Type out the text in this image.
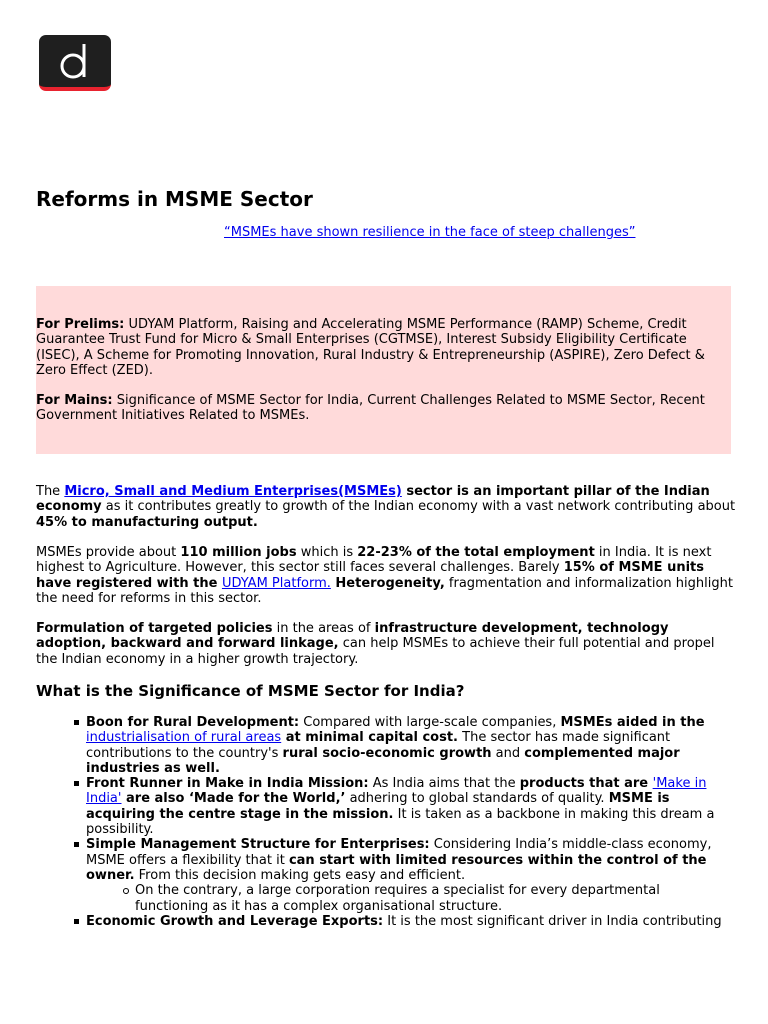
Reforms in MSME Sector
“MSMEs have shown resilience in the face of steep challenges”

For Prelims: UDYAM Platform, Raising and Accelerating MSME Performance (RAMP) Scheme, Credit Guarantee Trust Fund for Micro & Small Enterprises (CGTMSE), Interest Subsidy Eligibility Certificate (ISEC), A Scheme for Promoting Innovation, Rural Industry & Entrepreneurship (ASPIRE), Zero Defect & Zero Effect (ZED).

For Mains: Significance of MSME Sector for India, Current Challenges Related to MSME Sector, Recent Government Initiatives Related to MSMEs.

The Micro, Small and Medium Enterprises(MSMEs) sector is an important pillar of the Indian economy as it contributes greatly to growth of the Indian economy with a vast network contributing about 45% to manufacturing output.

MSMEs provide about 110 million jobs which is 22-23% of the total employment in India. It is next highest to Agriculture. However, this sector still faces several challenges. Barely 15% of MSME units have registered with the UDYAM Platform. Heterogeneity, fragmentation and informalization highlight the need for reforms in this sector.

Formulation of targeted policies in the areas of infrastructure development, technology adoption, backward and forward linkage, can help MSMEs to achieve their full potential and propel the Indian economy in a higher growth trajectory.

What is the Significance of MSME Sector for India?
Boon for Rural Development: Compared with large-scale companies, MSMEs aided in the industrialisation of rural areas at minimal capital cost. The sector has made significant contributions to the country's rural socio-economic growth and complemented major industries as well.
Front Runner in Make in India Mission: As India aims that the products that are 'Make in India' are also ‘Made for the World,’ adhering to global standards of quality. MSME is acquiring the centre stage in the mission. It is taken as a backbone in making this dream a possibility.
Simple Management Structure for Enterprises: Considering India’s middle-class economy, MSME offers a flexibility that it can start with limited resources within the control of the owner. From this decision making gets easy and efficient.
On the contrary, a large corporation requires a specialist for every departmental functioning as it has a complex organisational structure.
Economic Growth and Leverage Exports: It is the most significant driver in India contributing
